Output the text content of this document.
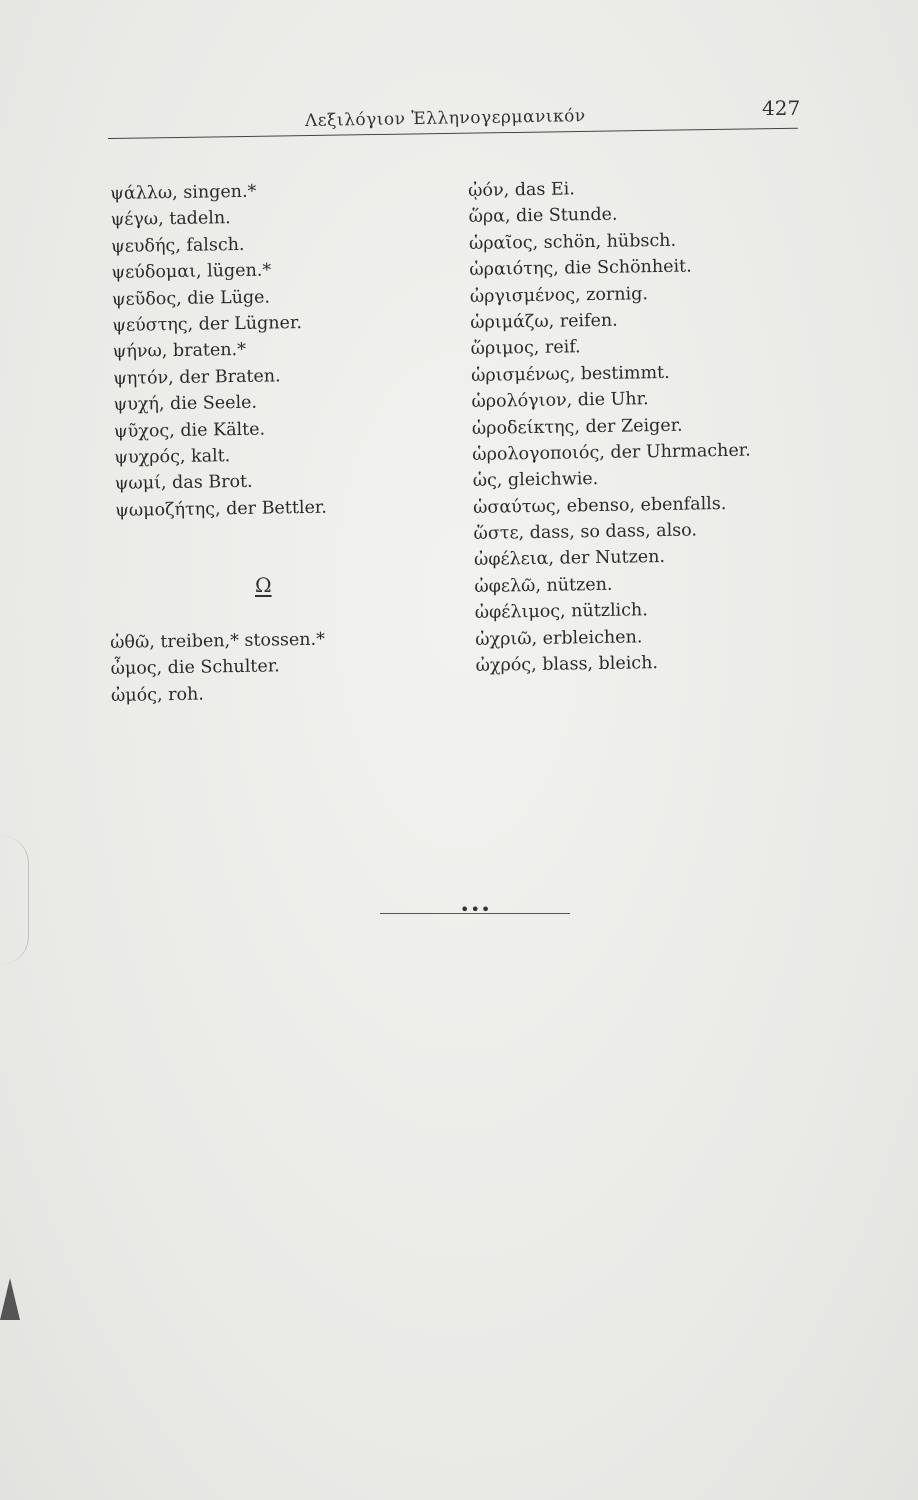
Λεξιλόγιον Ἑλληνογερμανικόν	427
ψάλλω, singen.*
ψέγω, tadeln.
ψευδής, falsch.
ψεύδομαι, lügen.*
ψεῦδος, die Lüge.
ψεύστης, der Lügner.
ψήνω, braten.*
ψητόν, der Braten.
ψυχή, die Seele.
ψῦχος, die Kälte.
ψυχρός, kalt.
ψωμί, das Brot.
ψωμοζήτης, der Bettler.
Ω
ὠθῶ, treiben,* stossen.*
ὦμος, die Schulter.
ὠμός, roh.
ᾠόν, das Ei.
ὥρα, die Stunde.
ὡραῖος, schön, hübsch.
ὡραιότης, die Schönheit.
ὠργισμένος, zornig.
ὡριμάζω, reifen.
ὥριμος, reif.
ὡρισμένως, bestimmt.
ὡρολόγιον, die Uhr.
ὡροδείκτης, der Zeiger.
ὡρολογοποιός, der Uhrmacher.
ὡς, gleichwie.
ὡσαύτως, ebenso, ebenfalls.
ὥστε, dass, so dass, also.
ὠφέλεια, der Nutzen.
ὠφελῶ, nützen.
ὠφέλιμος, nützlich.
ὠχριῶ, erbleichen.
ὠχρός, blass, bleich.
•••
